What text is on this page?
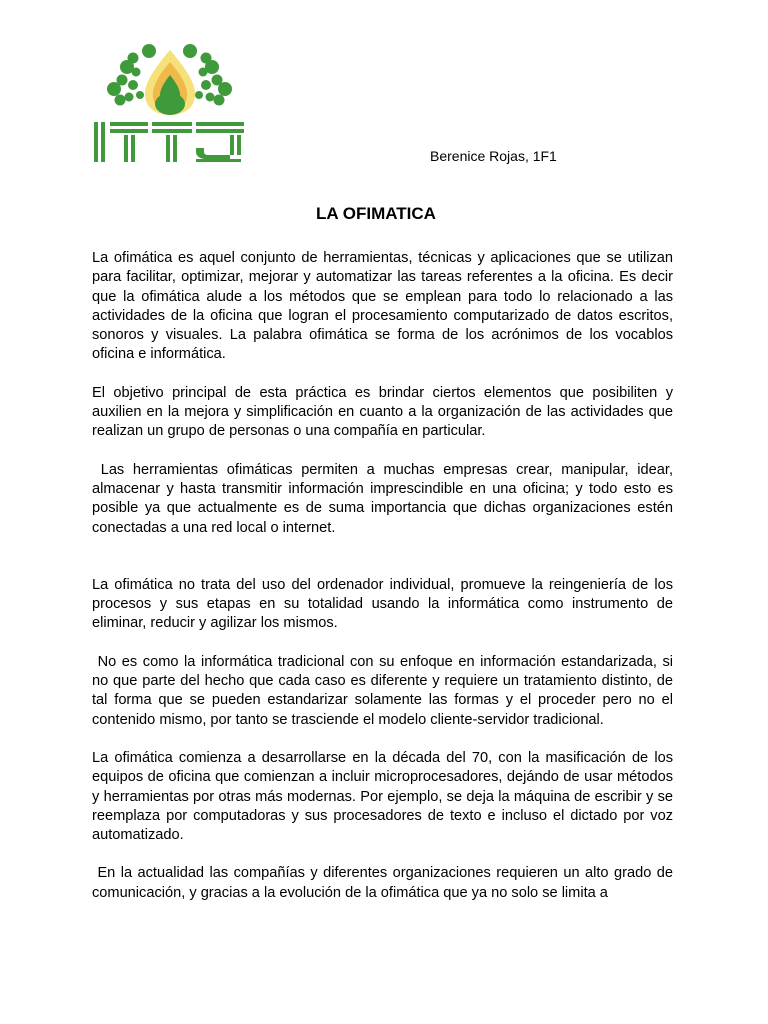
Berenice Rojas, 1F1
LA OFIMATICA

La ofimática es aquel conjunto de herramientas, técnicas y aplicaciones que se utilizan para facilitar, optimizar, mejorar y automatizar las tareas referentes a la oficina. Es decir que la ofimática alude a los métodos que se emplean para todo lo relacionado a las actividades de la oficina que logran el procesamiento computarizado de datos escritos, sonoros y visuales. La palabra ofimática se forma de los acrónimos de los vocablos oficina e informática.

El objetivo principal de esta práctica es brindar ciertos elementos que posibiliten y auxilien en la mejora y simplificación en cuanto a la organización de las actividades que realizan un grupo de personas o una compañía en particular.

Las herramientas ofimáticas permiten a muchas empresas crear, manipular, idear, almacenar y hasta transmitir información imprescindible en una oficina; y todo esto es posible ya que actualmente es de suma importancia que dichas organizaciones estén conectadas a una red local o internet.

La ofimática no trata del uso del ordenador individual, promueve la reingeniería de los procesos y sus etapas en su totalidad usando la informática como instrumento de eliminar, reducir y agilizar los mismos.

No es como la informática tradicional con su enfoque en información estandarizada, si no que parte del hecho que cada caso es diferente y requiere un tratamiento distinto, de tal forma que se pueden estandarizar solamente las formas y el proceder pero no el contenido mismo, por tanto se trasciende el modelo cliente-servidor tradicional.

La ofimática comienza a desarrollarse en la década del 70, con la masificación de los equipos de oficina que comienzan a incluir microprocesadores, dejándo de usar métodos y herramientas por otras más modernas. Por ejemplo, se deja la máquina de escribir y se reemplaza por computadoras y sus procesadores de texto e incluso el dictado por voz automatizado.

En la actualidad las compañías y diferentes organizaciones requieren un alto grado de comunicación, y gracias a la evolución de la ofimática que ya no solo se limita a
